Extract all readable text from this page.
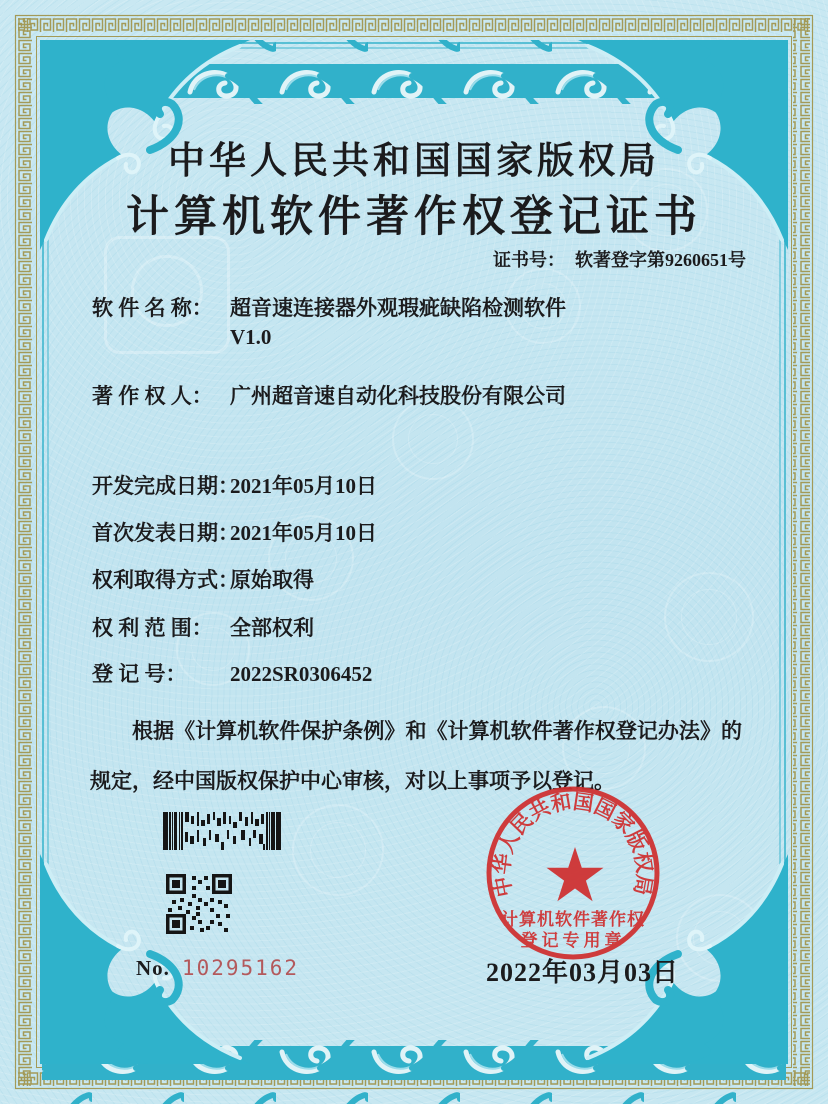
中华人民共和国国家版权局
计算机软件著作权登记证书
证书号： 软著登字第9260651号
软 件 名 称： 超音速连接器外观瑕疵缺陷检测软件
V1.0
著 作 权 人： 广州超音速自动化科技股份有限公司
开发完成日期：2021年05月10日
首次发表日期：2021年05月10日
权利取得方式：原始取得
权 利 范 围： 全部权利
登 记 号： 2022SR0306452
根据《计算机软件保护条例》和《计算机软件著作权登记办法》的规定，经中国版权保护中心审核，对以上事项予以登记。
No. 10295162	2022年03月03日
中华人民共和国国家版权局
计算机软件著作权
登记专用章
